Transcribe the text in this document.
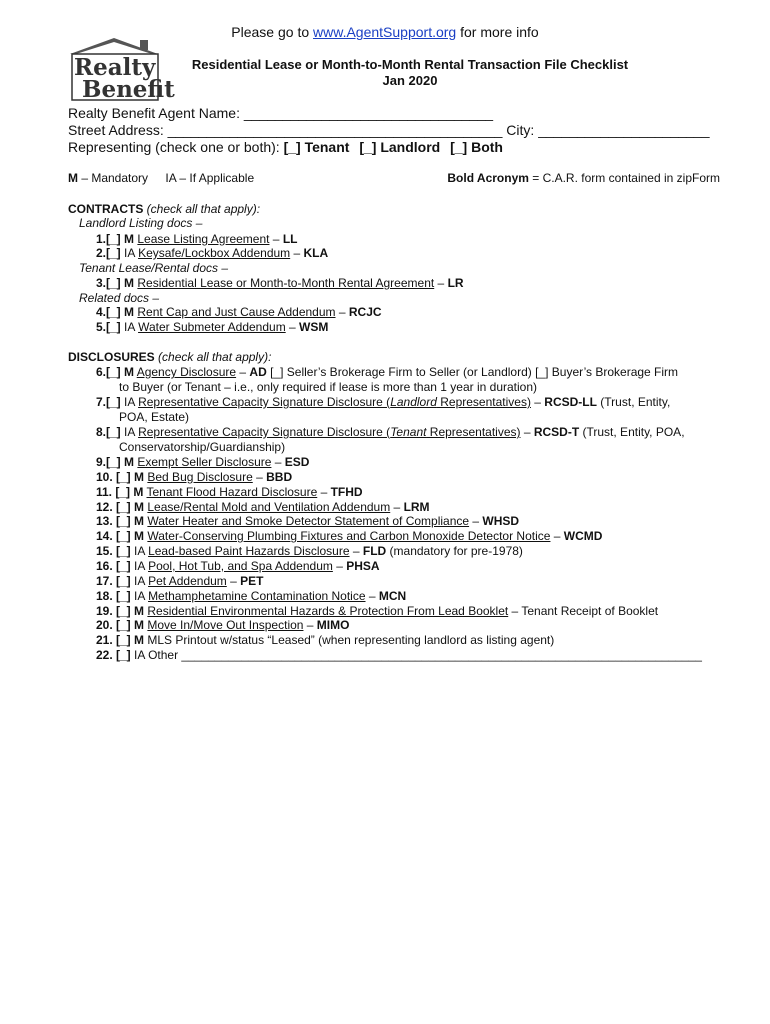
Please go to www.AgentSupport.org for more info
Realty
Benefit
Residential Lease or Month-to-Month Rental Transaction File Checklist
Jan 2020
Realty Benefit Agent Name: ________________________________
Street Address: ___________________________________________ City: ______________________
Representing (check one or both): [_] Tenant [_] Landlord [_] Both
M – Mandatory IA – If Applicable	Bold Acronym = C.A.R. form contained in zipForm
CONTRACTS (check all that apply):
Landlord Listing docs –
1.[_] M Lease Listing Agreement – LL
2.[_] IA Keysafe/Lockbox Addendum – KLA
Tenant Lease/Rental docs –
3.[_] M Residential Lease or Month-to-Month Rental Agreement – LR
Related docs –
4.[_] M Rent Cap and Just Cause Addendum – RCJC
5.[_] IA Water Submeter Addendum – WSM
DISCLOSURES (check all that apply):
6.[_] M Agency Disclosure – AD [_] Seller’s Brokerage Firm to Seller (or Landlord) [_] Buyer’s Brokerage Firm
to Buyer (or Tenant – i.e., only required if lease is more than 1 year in duration)
7.[_] IA Representative Capacity Signature Disclosure (Landlord Representatives) – RCSD-LL (Trust, Entity,
POA, Estate)
8.[_] IA Representative Capacity Signature Disclosure (Tenant Representatives) – RCSD-T (Trust, Entity, POA,
Conservatorship/Guardianship)
9.[_] M Exempt Seller Disclosure – ESD
10. [_] M Bed Bug Disclosure – BBD
11. [_] M Tenant Flood Hazard Disclosure – TFHD
12. [_] M Lease/Rental Mold and Ventilation Addendum – LRM
13. [_] M Water Heater and Smoke Detector Statement of Compliance – WHSD
14. [_] M Water-Conserving Plumbing Fixtures and Carbon Monoxide Detector Notice – WCMD
15. [_] IA Lead-based Paint Hazards Disclosure – FLD (mandatory for pre-1978)
16. [_] IA Pool, Hot Tub, and Spa Addendum – PHSA
17. [_] IA Pet Addendum – PET
18. [_] IA Methamphetamine Contamination Notice – MCN
19. [_] M Residential Environmental Hazards & Protection From Lead Booklet – Tenant Receipt of Booklet
20. [_] M Move In/Move Out Inspection – MIMO
21. [_] M MLS Printout w/status “Leased” (when representing landlord as listing agent)
22. [_] IA Other ______________________________________________________________________________
